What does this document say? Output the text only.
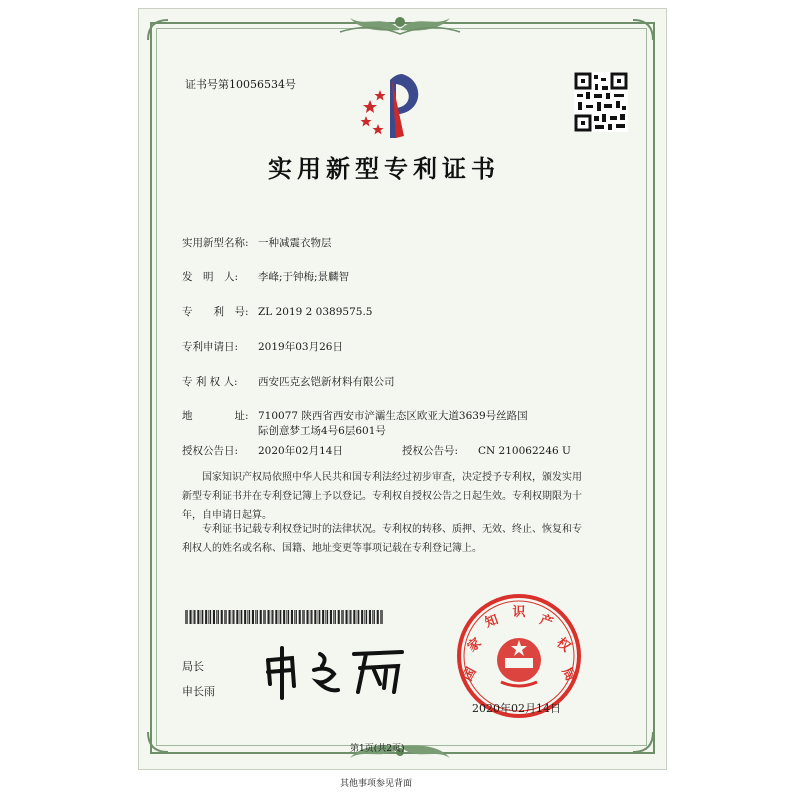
证书号第10056534号
实用新型专利证书
实用新型名称: 一种减震衣物层
发　明　人: 李峰;于钟梅;景麟智
专　　利　号: ZL 2019 2 0389575.5
专利申请日: 2019年03月26日
专 利 权 人: 西安匹克玄铠新材料有限公司
地　　　　址: 710077 陕西省西安市浐灞生态区欧亚大道3639号丝路国
际创意梦工场4号6层601号
授权公告日: 2020年02月14日	授权公告号: CN 210062246 U
国家知识产权局依照中华人民共和国专利法经过初步审查，决定授予专利权，颁发实用
新型专利证书并在专利登记簿上予以登记。专利权自授权公告之日起生效。专利权期限为十
年，自申请日起算。
专利证书记载专利权登记时的法律状况。专利权的转移、质押、无效、终止、恢复和专
利权人的姓名或名称、国籍、地址变更等事项记载在专利登记簿上。
局长
申长雨
国
家
知 识 产
权
局
2020年02月14日
第1页(共2页)
其他事项参见背面
